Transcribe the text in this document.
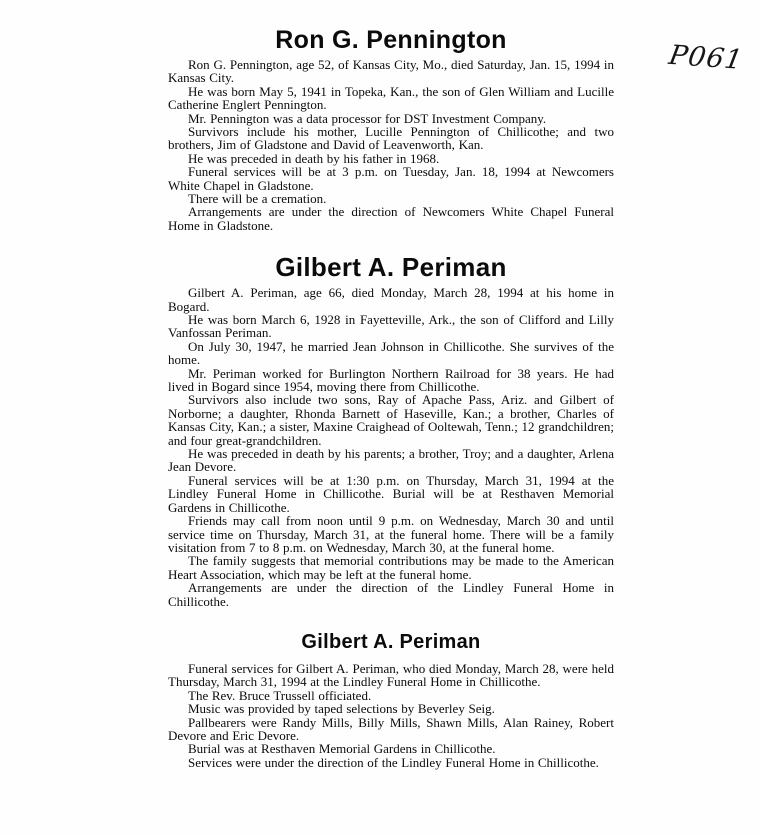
P061
Ron G. Pennington

Ron G. Pennington, age 52, of Kansas City, Mo., died Saturday, Jan. 15, 1994 in Kansas City.

He was born May 5, 1941 in Topeka, Kan., the son of Glen William and Lucille Catherine Englert Pennington.

Mr. Pennington was a data processor for DST Investment Company.

Survivors include his mother, Lucille Pennington of Chillicothe; and two brothers, Jim of Gladstone and David of Leavenworth, Kan.

He was preceded in death by his father in 1968.

Funeral services will be at 3 p.m. on Tuesday, Jan. 18, 1994 at Newcomers White Chapel in Gladstone.

There will be a cremation.

Arrangements are under the direction of Newcomers White Chapel Funeral Home in Gladstone.

Gilbert A. Periman

Gilbert A. Periman, age 66, died Monday, March 28, 1994 at his home in Bogard.

He was born March 6, 1928 in Fayetteville, Ark., the son of Clifford and Lilly Vanfossan Periman.

On July 30, 1947, he married Jean Johnson in Chillicothe. She survives of the home.

Mr. Periman worked for Burlington Northern Railroad for 38 years. He had lived in Bogard since 1954, moving there from Chillicothe.

Survivors also include two sons, Ray of Apache Pass, Ariz. and Gilbert of Norborne; a daughter, Rhonda Barnett of Haseville, Kan.; a brother, Charles of Kansas City, Kan.; a sister, Maxine Craighead of Ooltewah, Tenn.; 12 grandchildren; and four great-grandchildren.

He was preceded in death by his parents; a brother, Troy; and a daughter, Arlena Jean Devore.

Funeral services will be at 1:30 p.m. on Thursday, March 31, 1994 at the Lindley Funeral Home in Chillicothe. Burial will be at Resthaven Memorial Gardens in Chillicothe.

Friends may call from noon until 9 p.m. on Wednesday, March 30 and until service time on Thursday, March 31, at the funeral home. There will be a family visitation from 7 to 8 p.m. on Wednesday, March 30, at the funeral home.

The family suggests that memorial contributions may be made to the American Heart Association, which may be left at the funeral home.

Arrangements are under the direction of the Lindley Funeral Home in Chillicothe.

Gilbert A. Periman

Funeral services for Gilbert A. Periman, who died Monday, March 28, were held Thursday, March 31, 1994 at the Lindley Funeral Home in Chillicothe.

The Rev. Bruce Trussell officiated.

Music was provided by taped selections by Beverley Seig.

Pallbearers were Randy Mills, Billy Mills, Shawn Mills, Alan Rainey, Robert Devore and Eric Devore.

Burial was at Resthaven Memorial Gardens in Chillicothe.

Services were under the direction of the Lindley Funeral Home in Chillicothe.
